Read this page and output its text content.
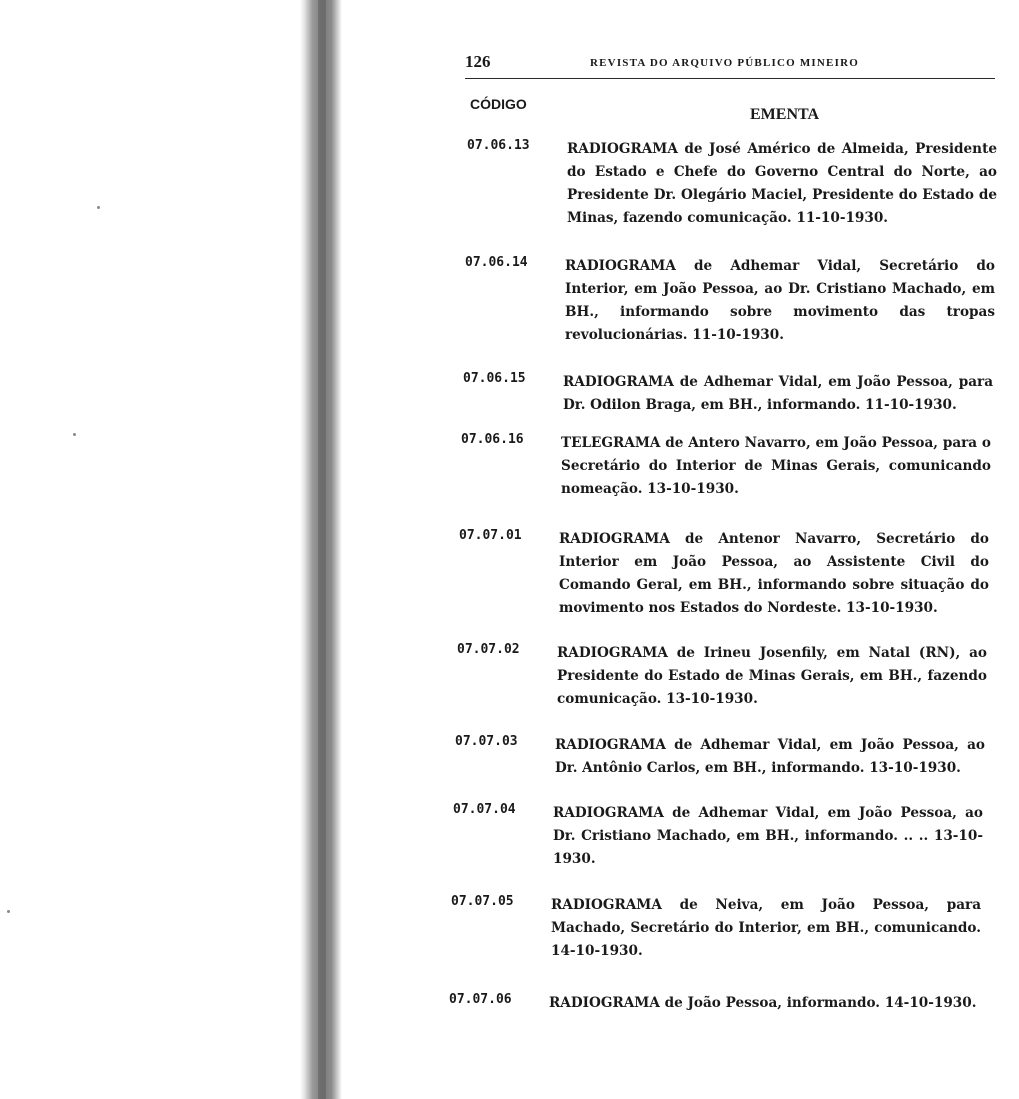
126	REVISTA DO ARQUIVO PÚBLICO MINEIRO
CÓDIGO
EMENTA
07.06.13	RADIOGRAMA de José Américo de Almeida, Presidente do Estado e Chefe do Governo Central do Norte, ao Presidente Dr. Olegário Maciel, Presidente do Estado de Minas, fazendo comunicação. 11-10-1930.
07.06.14	RADIOGRAMA de Adhemar Vidal, Secretário do Interior, em João Pessoa, ao Dr. Cristiano Machado, em BH., informando sobre movimento das tropas revolucionárias. 11-10-1930.
07.06.15	RADIOGRAMA de Adhemar Vidal, em João Pessoa, para Dr. Odilon Braga, em BH., informando. 11-10-1930.
07.06.16	TELEGRAMA de Antero Navarro, em João Pessoa, para o Secretário do Interior de Minas Gerais, comunicando nomeação. 13-10-1930.
07.07.01	RADIOGRAMA de Antenor Navarro, Secretário do Interior em João Pessoa, ao Assistente Civil do Comando Geral, em BH., informando sobre situação do movimento nos Estados do Nordeste. 13-10-1930.
07.07.02	RADIOGRAMA de Irineu Josenfily, em Natal (RN), ao Presidente do Estado de Minas Gerais, em BH., fazendo comunicação. 13-10-1930.
07.07.03	RADIOGRAMA de Adhemar Vidal, em João Pessoa, ao Dr. Antônio Carlos, em BH., informando. 13-10-1930.
07.07.04	RADIOGRAMA de Adhemar Vidal, em João Pessoa, ao Dr. Cristiano Machado, em BH., informando. .. .. 13-10-1930.
07.07.05	RADIOGRAMA de Neiva, em João Pessoa, para Machado, Secretário do Interior, em BH., comunicando. 14-10-1930.
07.07.06	RADIOGRAMA de João Pessoa, informando. 14-10-1930.
